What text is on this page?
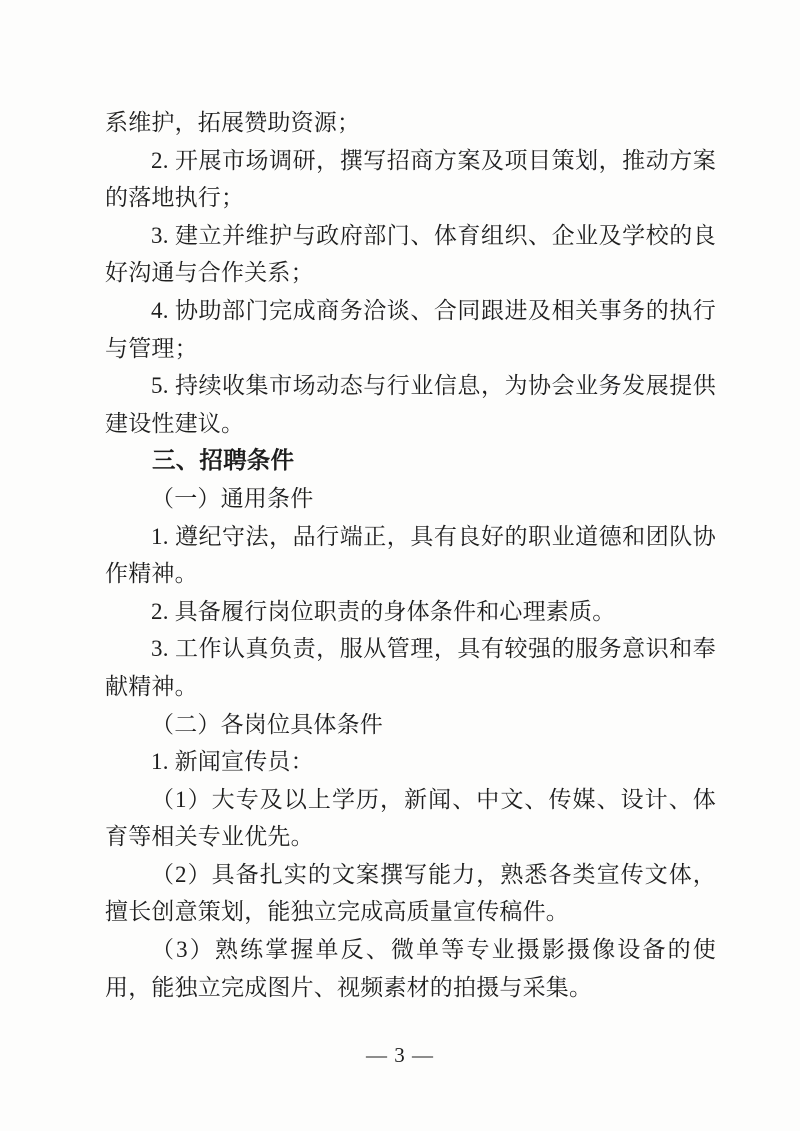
系维护，拓展赞助资源；

2. 开展市场调研，撰写招商方案及项目策划，推动方案的落地执行；

3. 建立并维护与政府部门、体育组织、企业及学校的良好沟通与合作关系；

4. 协助部门完成商务洽谈、合同跟进及相关事务的执行与管理；

5. 持续收集市场动态与行业信息，为协会业务发展提供建设性建议。

三、招聘条件

（一）通用条件

1. 遵纪守法，品行端正，具有良好的职业道德和团队协作精神。

2. 具备履行岗位职责的身体条件和心理素质。

3. 工作认真负责，服从管理，具有较强的服务意识和奉献精神。

（二）各岗位具体条件

1. 新闻宣传员：

（1）大专及以上学历，新闻、中文、传媒、设计、体育等相关专业优先。

（2）具备扎实的文案撰写能力，熟悉各类宣传文体，擅长创意策划，能独立完成高质量宣传稿件。

（3）熟练掌握单反、微单等专业摄影摄像设备的使用，能独立完成图片、视频素材的拍摄与采集。

— 3 —
